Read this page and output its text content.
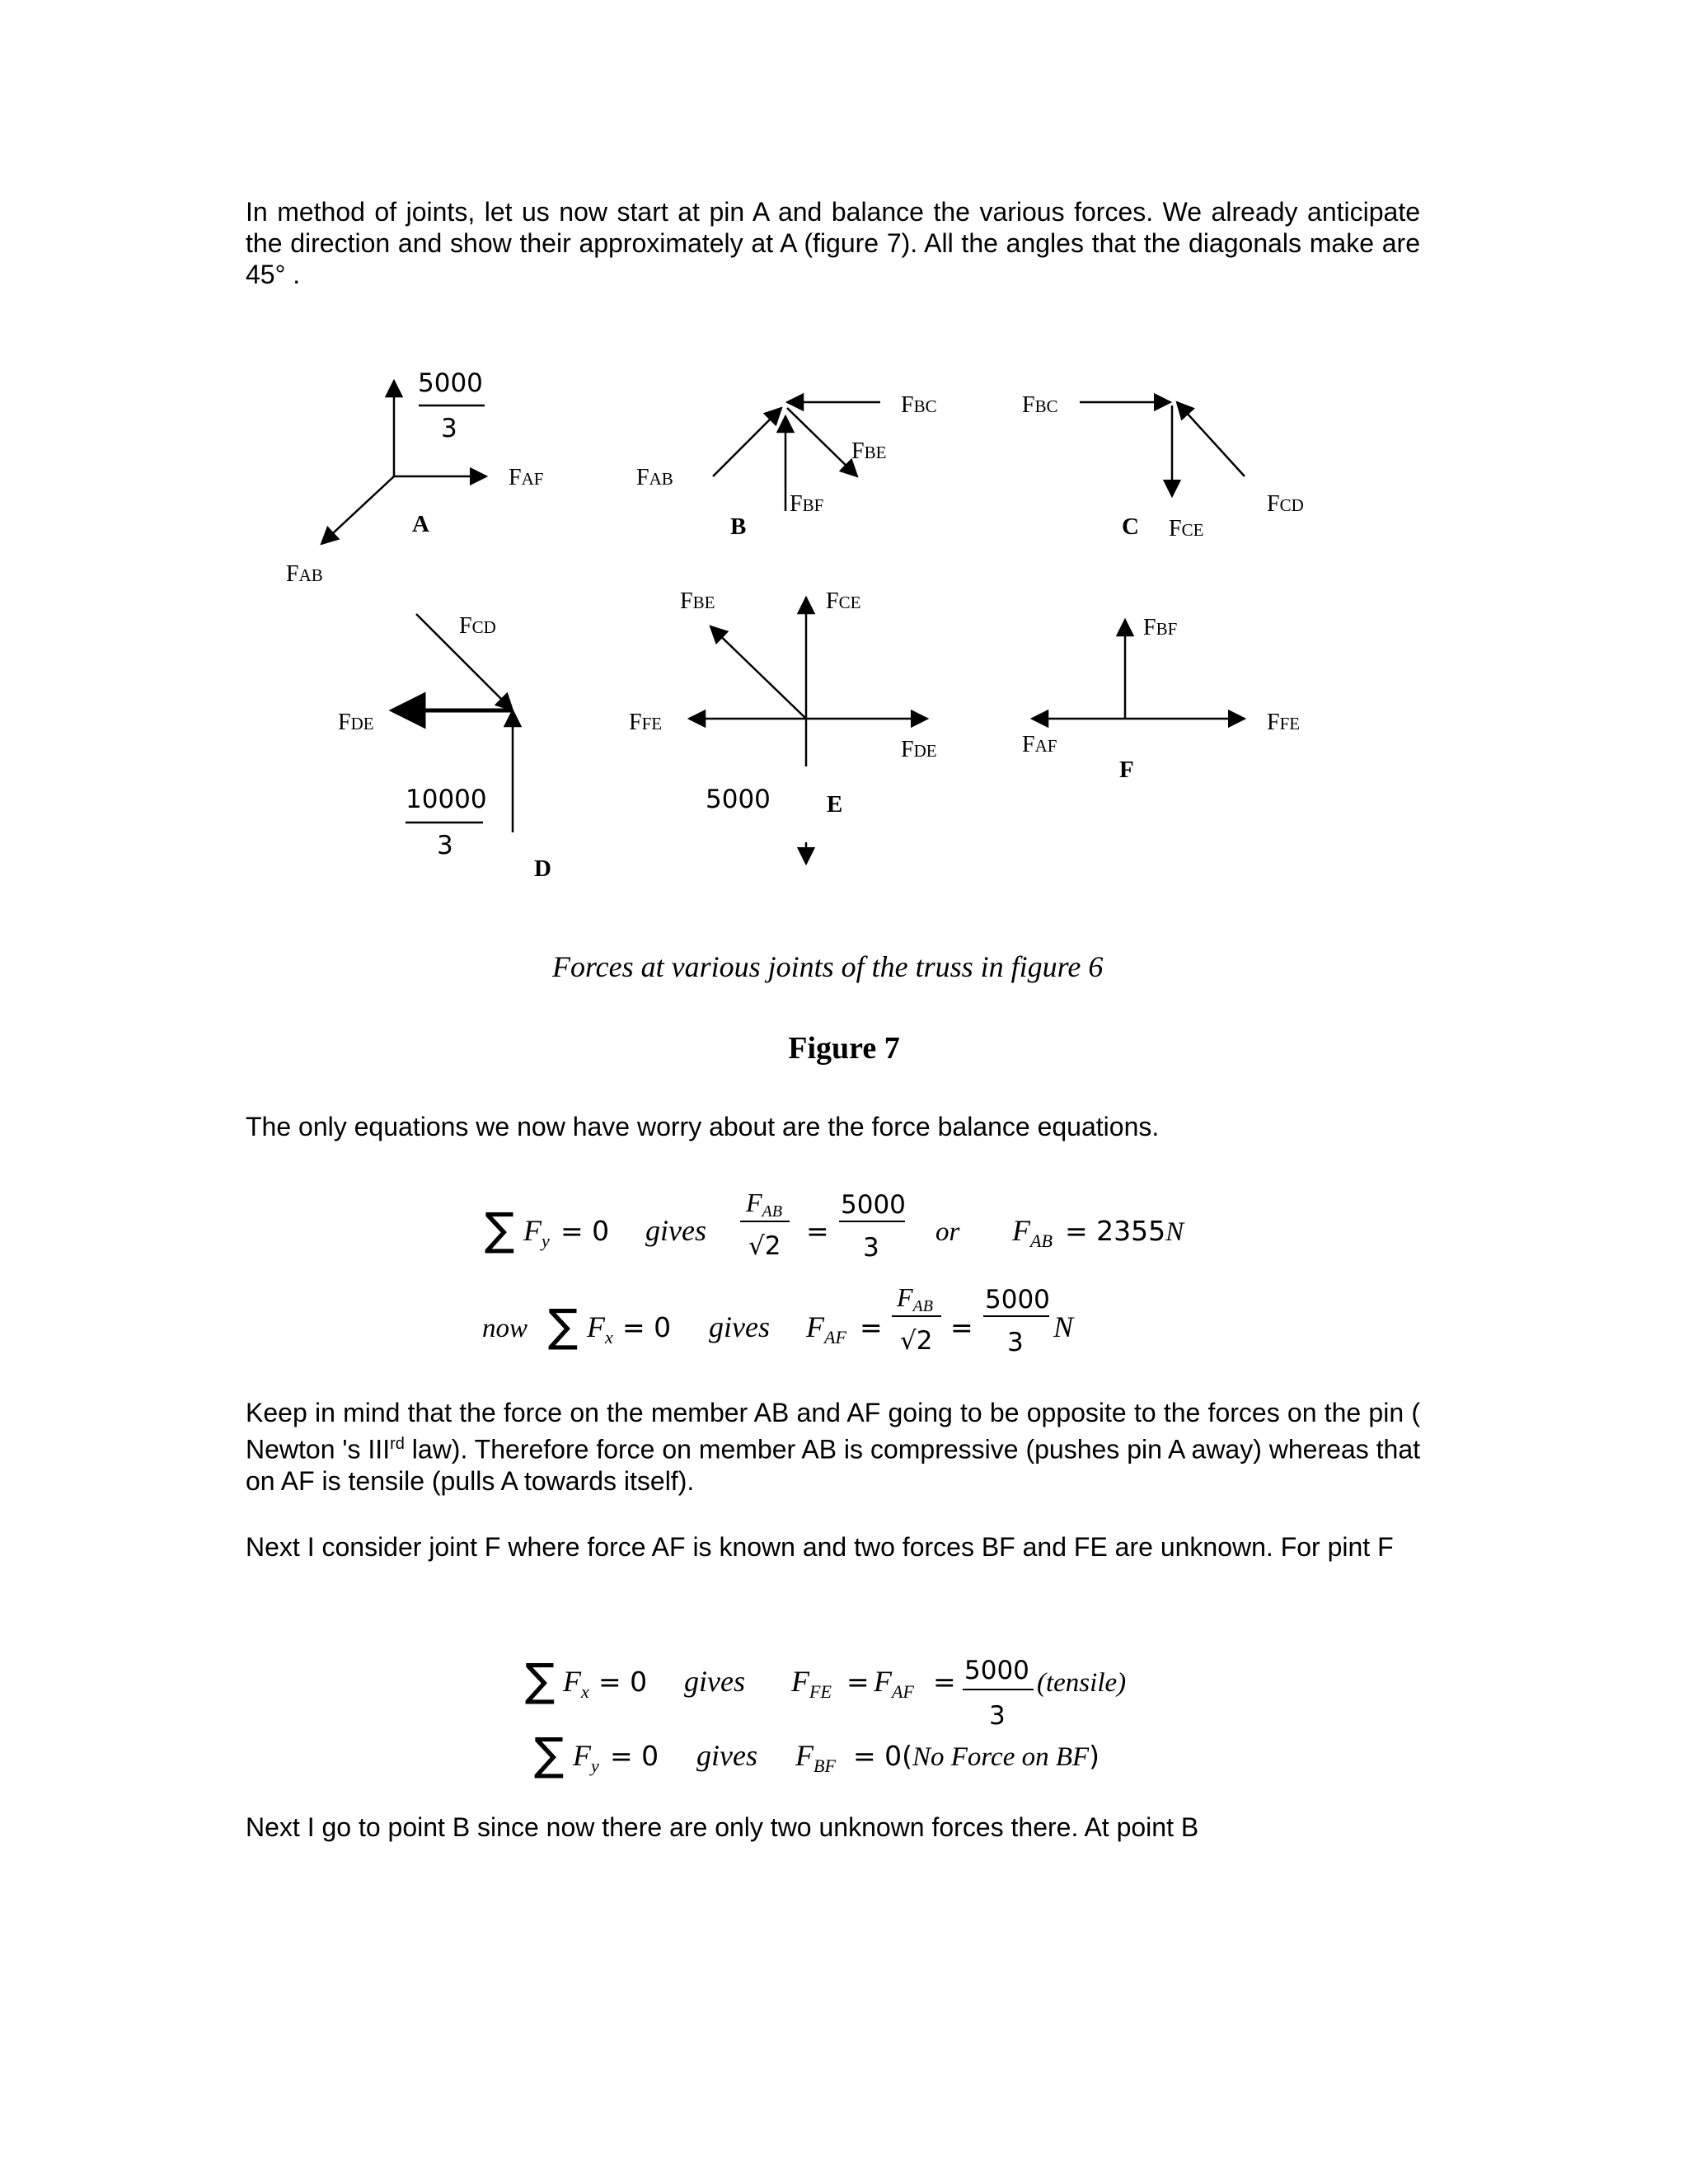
In method of joints, let us now start at pin A and balance the various forces. We already anticipate the direction and show their approximately at A (figure 7). All the angles that the diagonals make are 45° .
5000
3
FAF
FAB
A
FAB
FBC
FBE
FBF
B
FBC
FCD
C FCE
FCD
FDE
10000
3
D
FBE	FCE
FFE
FDE
5000 E
FBF
FAF
FFE
F
Forces at various joints of the truss in figure 6
Figure 7
The only equations we now have worry about are the force balance equations.
∑ $F_y = 0$ gives
FAB
√2 =
5000
3
or $F_{AB} = 2355N$
now ∑ $F_x = 0$ gives $F_{AF}$ =
FAB
√2 =
5000
3 N
∑ $F_x = 0$ gives $F_{FE} = F_{AF} = 5000$
3
(tensile)
∑ $F_y = 0$ gives $F_{BF} = 0(No$ Force on BF)
Keep in mind that the force on the member AB and AF going to be opposite to the forces on the pin ( Newton 's IIIrd law). Therefore force on member AB is compressive (pushes pin A away) whereas that on AF is tensile (pulls A towards itself).
Next I consider joint F where force AF is known and two forces BF and FE are unknown. For pint F
Next I go to point B since now there are only two unknown forces there. At point B
